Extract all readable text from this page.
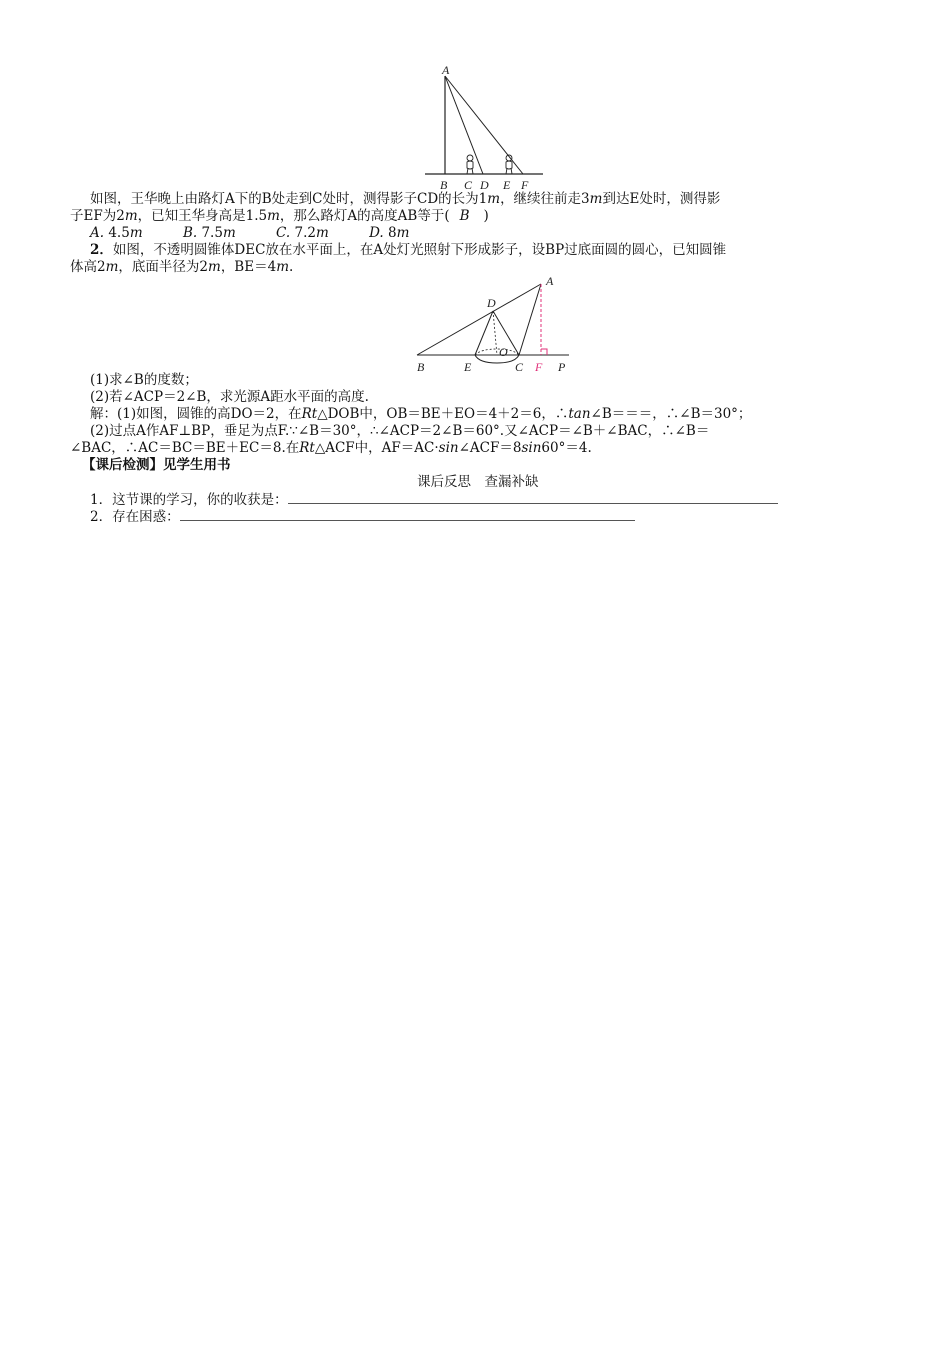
A
B C D E F
如图，王华晚上由路灯A下的B处走到C处时，测得影子CD的长为1m，继续往前走3m到达E处时，测得影
子EF为2m，已知王华身高是1.5m，那么路灯A的高度AB等于( B )
A. 4.5m	B. 7.5m	C. 7.2m	D. 8m
2．如图，不透明圆锥体DEC放在水平面上，在A处灯光照射下形成影子，设BP过底面圆的圆心，已知圆锥
体高2m，底面半径为2m，BE＝4m.
A
D
O
B	E	C F P
(1)求∠B的度数；
(2)若∠ACP＝2∠B，求光源A距水平面的高度.
解：(1)如图，圆锥的高DO＝2，在Rt△DOB中，OB＝BE＋EO＝4＋2＝6，∴tan∠B＝＝＝，∴∠B＝30°；
(2)过点A作AF⊥BP，垂足为点F.∵∠B＝30°，∴∠ACP＝2∠B＝60°.又∠ACP＝∠B＋∠BAC，∴∠B＝
∠BAC，∴AC＝BC＝BE＋EC＝8.在Rt△ACF中，AF＝AC·sin∠ACF＝8sin60°＝4.
【课后检测】见学生用书
课后反思　查漏补缺
1．这节课的学习，你的收获是：
2．存在困惑：
